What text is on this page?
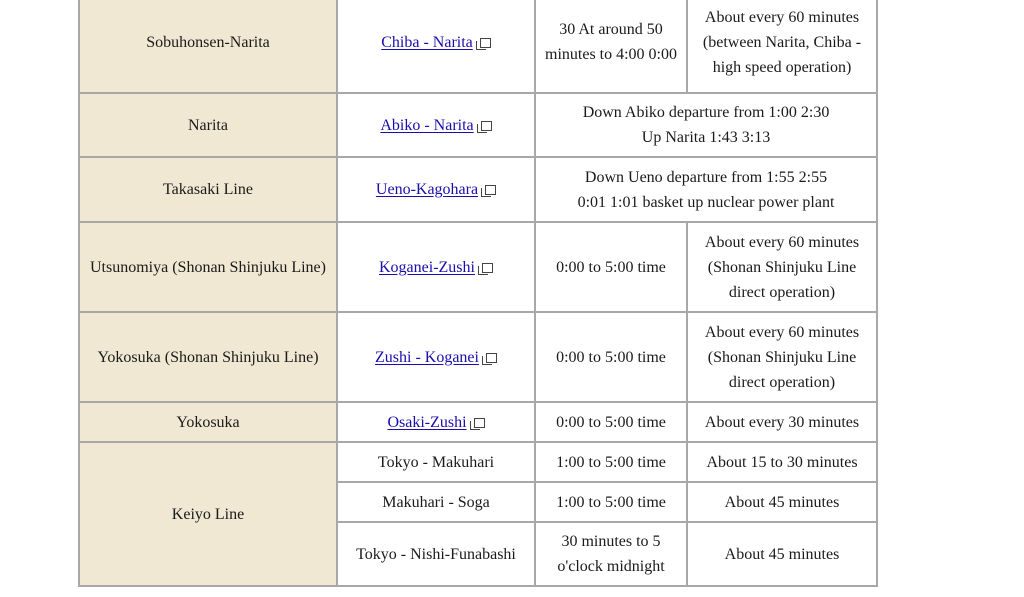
Sobuhonsen-Narita	Chiba - Narita	30 At around 50
minutes to 4:00 0:00	About every 60 minutes
(between Narita, Chiba -
high speed operation)

Narita	Abiko - Narita	Down Abiko departure from 1:00 2:30
Up Narita 1:43 3:13	

Takasaki Line	Ueno-Kagohara	Down Ueno departure from 1:55 2:55
0:01 1:01 basket up nuclear power plant	

Utsunomiya (Shonan Shinjuku Line)	Koganei-Zushi	0:00 to 5:00 time	About every 60 minutes
(Shonan Shinjuku Line
direct operation)

Yokosuka (Shonan Shinjuku Line)	Zushi - Koganei	0:00 to 5:00 time	About every 60 minutes
(Shonan Shinjuku Line
direct operation)

Yokosuka	Osaki-Zushi	0:00 to 5:00 time	About every 30 minutes

Keiyo Line	Tokyo - Makuhari	1:00 to 5:00 time	About 15 to 30 minutes

	Makuhari - Soga	1:00 to 5:00 time	About 45 minutes

	Tokyo - Nishi-Funabashi	30 minutes to 5
o'clock midnight	About 45 minutes
